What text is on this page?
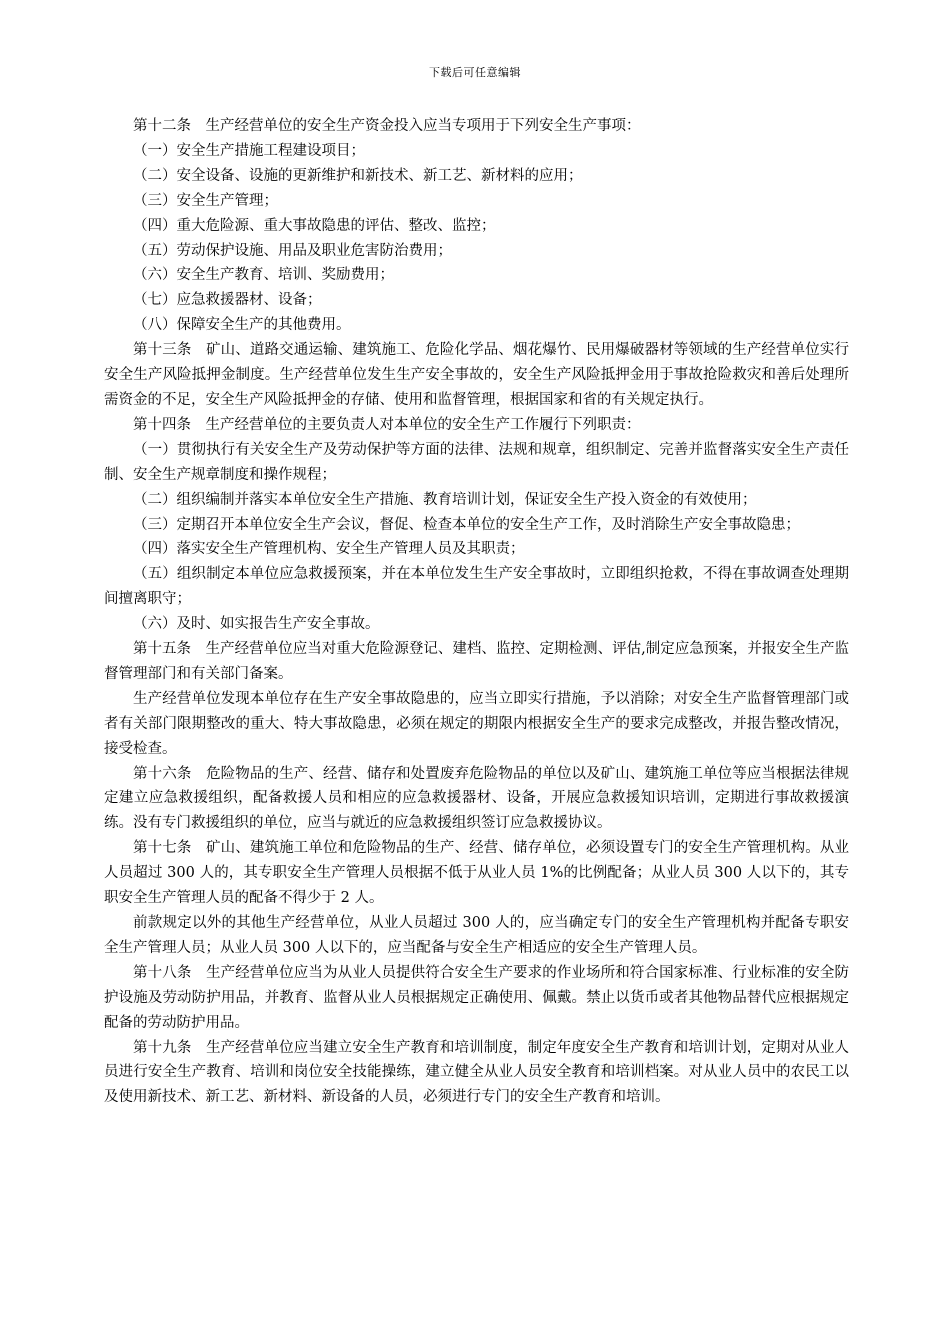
下载后可任意编辑

第十二条　生产经营单位的安全生产资金投入应当专项用于下列安全生产事项：

（一）安全生产措施工程建设项目；

（二）安全设备、设施的更新维护和新技术、新工艺、新材料的应用；

（三）安全生产管理；

（四）重大危险源、重大事故隐患的评估、整改、监控；

（五）劳动保护设施、用品及职业危害防治费用；

（六）安全生产教育、培训、奖励费用；

（七）应急救援器材、设备；

（八）保障安全生产的其他费用。

第十三条　矿山、道路交通运输、建筑施工、危险化学品、烟花爆竹、民用爆破器材等领域的生产经营单位实行安全生产风险抵押金制度。生产经营单位发生生产安全事故的，安全生产风险抵押金用于事故抢险救灾和善后处理所需资金的不足，安全生产风险抵押金的存储、使用和监督管理，根据国家和省的有关规定执行。

第十四条　生产经营单位的主要负责人对本单位的安全生产工作履行下列职责：

（一）贯彻执行有关安全生产及劳动保护等方面的法律、法规和规章，组织制定、完善并监督落实安全生产责任制、安全生产规章制度和操作规程；

（二）组织编制并落实本单位安全生产措施、教育培训计划，保证安全生产投入资金的有效使用；

（三）定期召开本单位安全生产会议，督促、检查本单位的安全生产工作，及时消除生产安全事故隐患；

（四）落实安全生产管理机构、安全生产管理人员及其职责；

（五）组织制定本单位应急救援预案，并在本单位发生生产安全事故时，立即组织抢救，不得在事故调查处理期间擅离职守；

（六）及时、如实报告生产安全事故。

第十五条　生产经营单位应当对重大危险源登记、建档、监控、定期检测、评估,制定应急预案，并报安全生产监督管理部门和有关部门备案。

生产经营单位发现本单位存在生产安全事故隐患的，应当立即实行措施，予以消除；对安全生产监督管理部门或者有关部门限期整改的重大、特大事故隐患，必须在规定的期限内根据安全生产的要求完成整改，并报告整改情况，接受检查。

第十六条　危险物品的生产、经营、储存和处置废弃危险物品的单位以及矿山、建筑施工单位等应当根据法律规定建立应急救援组织，配备救援人员和相应的应急救援器材、设备，开展应急救援知识培训，定期进行事故救援演练。没有专门救援组织的单位，应当与就近的应急救援组织签订应急救援协议。

第十七条　矿山、建筑施工单位和危险物品的生产、经营、储存单位，必须设置专门的安全生产管理机构。从业人员超过 300 人的，其专职安全生产管理人员根据不低于从业人员 1%的比例配备；从业人员 300 人以下的，其专职安全生产管理人员的配备不得少于 2 人。

前款规定以外的其他生产经营单位，从业人员超过 300 人的，应当确定专门的安全生产管理机构并配备专职安全生产管理人员；从业人员 300 人以下的，应当配备与安全生产相适应的安全生产管理人员。

第十八条　生产经营单位应当为从业人员提供符合安全生产要求的作业场所和符合国家标准、行业标准的安全防护设施及劳动防护用品，并教育、监督从业人员根据规定正确使用、佩戴。禁止以货币或者其他物品替代应根据规定配备的劳动防护用品。

第十九条　生产经营单位应当建立安全生产教育和培训制度，制定年度安全生产教育和培训计划，定期对从业人员进行安全生产教育、培训和岗位安全技能操练，建立健全从业人员安全教育和培训档案。对从业人员中的农民工以及使用新技术、新工艺、新材料、新设备的人员，必须进行专门的安全生产教育和培训。
